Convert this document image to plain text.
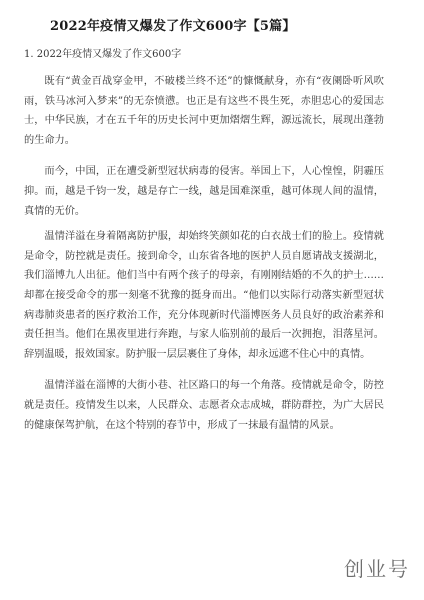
2022年疫情又爆发了作文600字【5篇】
1. 2022年疫情又爆发了作文600字

既有“黄金百战穿金甲，不破楼兰终不还”的慷慨献身，亦有“夜阑卧听风吹雨，铁马冰河入梦来”的无奈愤懑。也正是有这些不畏生死，赤胆忠心的爱国志士，中华民族，才在五千年的历史长河中更加熠熠生辉，源远流长，展现出蓬勃的生命力。

而今，中国，正在遭受新型冠状病毒的侵害。举国上下，人心惶惶，阴霾压抑。而，越是千钧一发，越是存亡一线，越是国难深重，越可体现人间的温情，真情的无价。

温情洋溢在身着隔离防护服，却始终笑颜如花的白衣战士们的脸上。疫情就是命令，防控就是责任。接到命令，山东省各地的医护人员自愿请战支援湖北，我们淄博九人出征。他们当中有两个孩子的母亲，有刚刚结婚的不久的护士……却都在接受命令的那一刻毫不犹豫的挺身而出。“他们以实际行动落实新型冠状病毒肺炎患者的医疗救治工作，充分体现新时代淄博医务人员良好的政治素养和责任担当。他们在黑夜里进行奔跑，与家人临别前的最后一次拥抱，泪落星河。辞别温暖，报效国家。防护服一层层裹住了身体，却永远遮不住心中的真情。

温情洋溢在淄博的大街小巷、社区路口的每一个角落。疫情就是命令，防控就是责任。疫情发生以来，人民群众、志愿者众志成城，群防群控，为广大居民的健康保驾护航，在这个特别的春节中，形成了一抹最有温情的风景。

创业号
